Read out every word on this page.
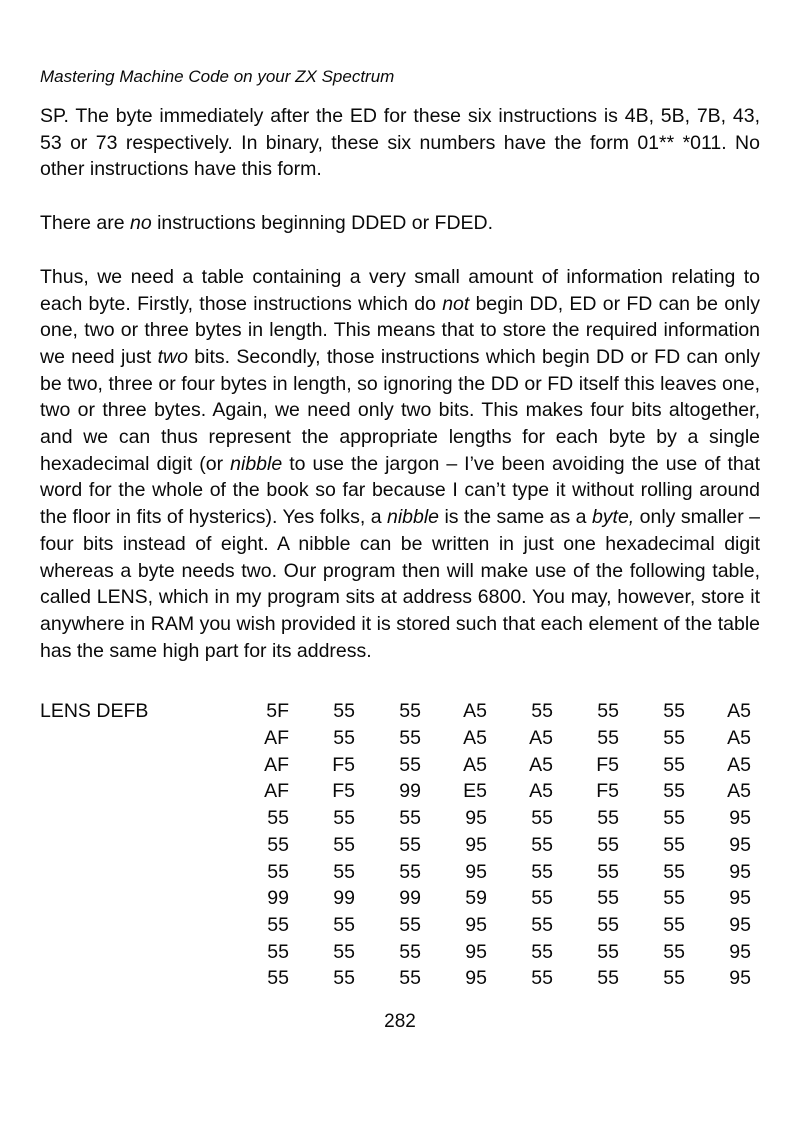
Mastering Machine Code on your ZX Spectrum

SP. The byte immediately after the ED for these six instructions is 4B, 5B, 7B, 43, 53 or 73 respectively. In binary, these six numbers have the form 01** *011. No other instructions have this form.

There are no instructions beginning DDED or FDED.

Thus, we need a table containing a very small amount of information relating to each byte. Firstly, those instructions which do not begin DD, ED or FD can be only one, two or three bytes in length. This means that to store the required information we need just two bits. Secondly, those instructions which begin DD or FD can only be two, three or four bytes in length, so ignoring the DD or FD itself this leaves one, two or three bytes. Again, we need only two bits. This makes four bits altogether, and we can thus represent the appropriate lengths for each byte by a single hexadecimal digit (or nibble to use the jargon – I’ve been avoiding the use of that word for the whole of the book so far because I can’t type it without rolling around the floor in fits of hysterics). Yes folks, a nibble is the same as a byte, only smaller – four bits instead of eight. A nibble can be written in just one hexadecimal digit whereas a byte needs two. Our program then will make use of the following table, called LENS, which in my program sits at address 6800. You may, however, store it anywhere in RAM you wish provided it is stored such that each element of the table has the same high part for its address.

LENS DEFB	5F	55	55	A5	55	55	55	A5
AF	55	55	A5	A5	55	55	A5
AF	F5	55	A5	A5	F5	55	A5
AF	F5	99	E5	A5	F5	55	A5
55	55	55	95	55	55	55	95
55	55	55	95	55	55	55	95
55	55	55	95	55	55	55	95
99	99	99	59	55	55	55	95
55	55	55	95	55	55	55	95
55	55	55	95	55	55	55	95
55	55	55	95	55	55	55	95
282
